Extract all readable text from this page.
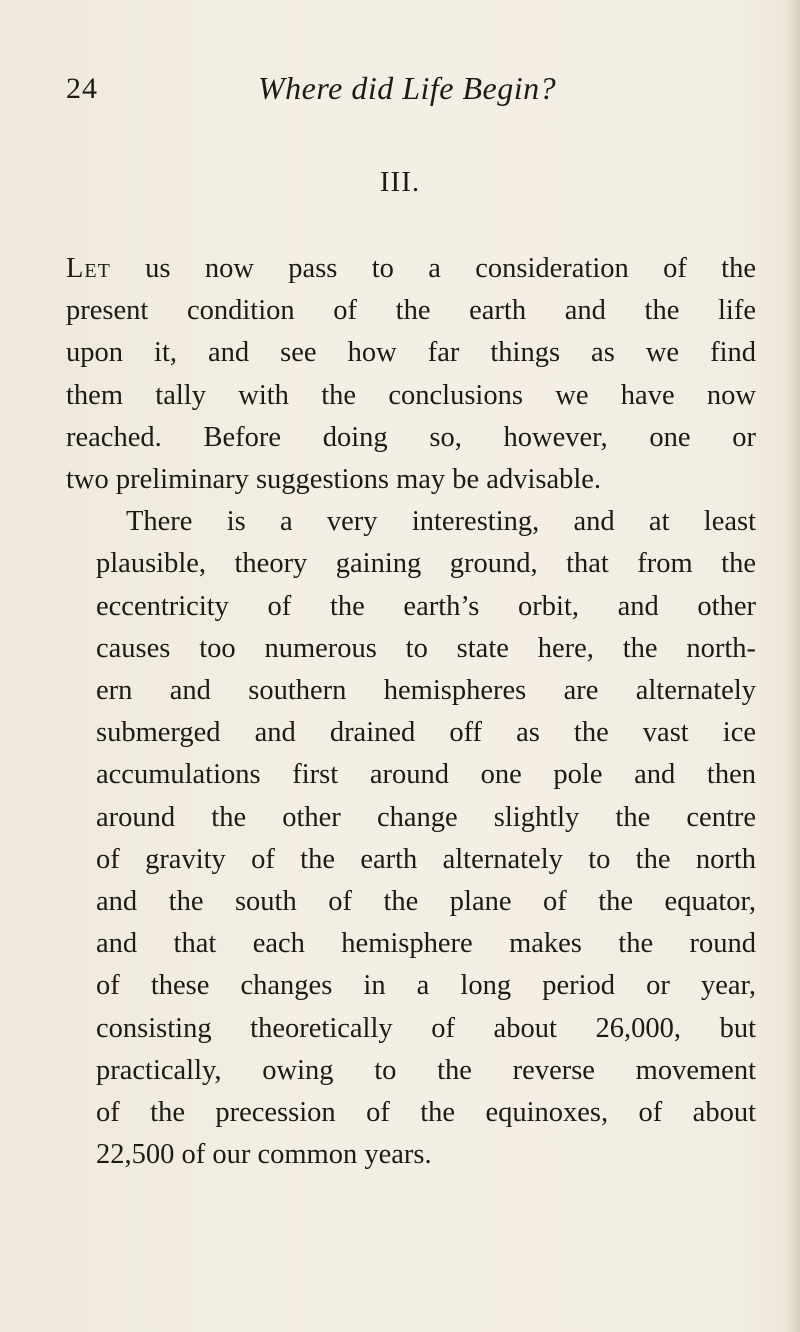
24	Where did Life Begin?
III.

Let us now pass to a consideration of the
present condition of the earth and the life
upon it, and see how far things as we find
them tally with the conclusions we have now
reached. Before doing so, however, one or
two preliminary suggestions may be advisable.

There is a very interesting, and at least
plausible, theory gaining ground, that from the
eccentricity of the earth’s orbit, and other
causes too numerous to state here, the north-
ern and southern hemispheres are alternately
submerged and drained off as the vast ice
accumulations first around one pole and then
around the other change slightly the centre
of gravity of the earth alternately to the north
and the south of the plane of the equator,
and that each hemisphere makes the round
of these changes in a long period or year,
consisting theoretically of about 26,000, but
practically, owing to the reverse movement
of the precession of the equinoxes, of about
22,500 of our common years.
